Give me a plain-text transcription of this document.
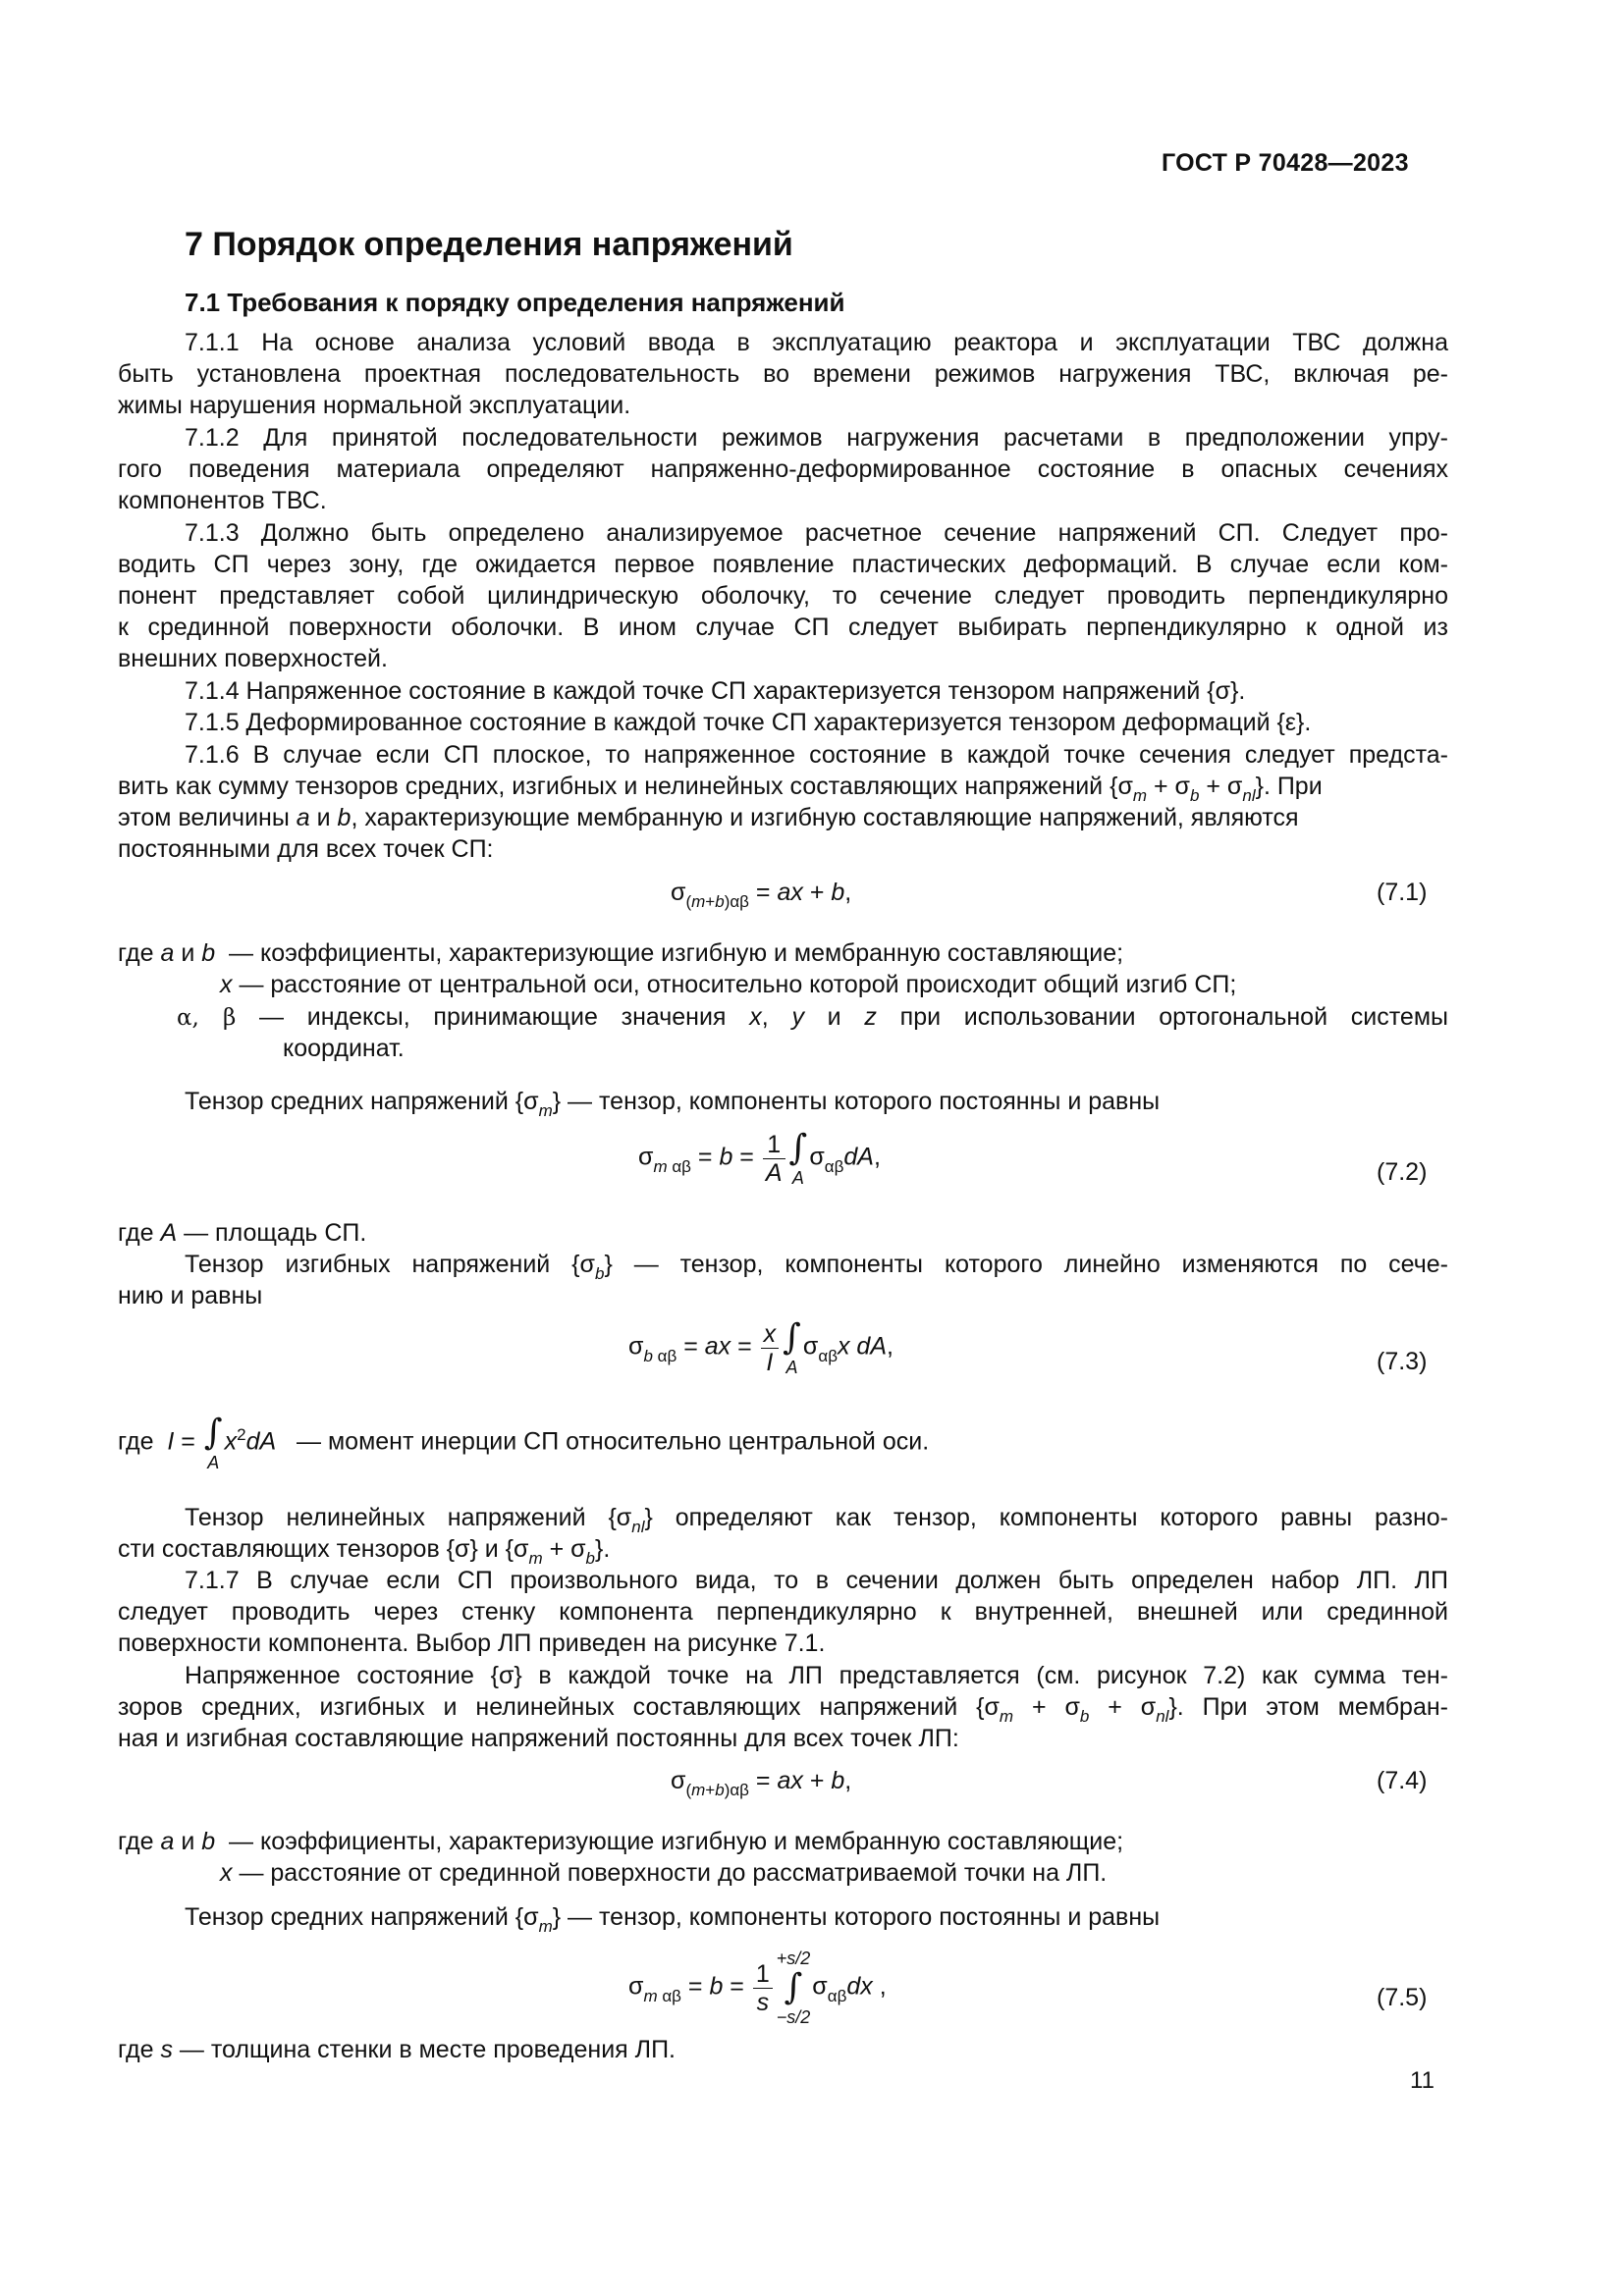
ГОСТ Р 70428—2023
7 Порядок определения напряжений
7.1 Требования к порядку определения напряжений
7.1.1 На основе анализа условий ввода в эксплуатацию реактора и эксплуатации ТВС должна
быть установлена проектная последовательность во времени режимов нагружения ТВС, включая ре-
жимы нарушения нормальной эксплуатации.
7.1.2 Для принятой последовательности режимов нагружения расчетами в предположении упру-
гого поведения материала определяют напряженно-деформированное состояние в опасных сечениях
компонентов ТВС.
7.1.3 Должно быть определено анализируемое расчетное сечение напряжений СП. Следует про-
водить СП через зону, где ожидается первое появление пластических деформаций. В случае если ком-
понент представляет собой цилиндрическую оболочку, то сечение следует проводить перпендикулярно
к срединной поверхности оболочки. В ином случае СП следует выбирать перпендикулярно к одной из
внешних поверхностей.
7.1.4 Напряженное состояние в каждой точке СП характеризуется тензором напряжений {σ}.
7.1.5 Деформированное состояние в каждой точке СП характеризуется тензором деформаций {ε}.
7.1.6 В случае если СП плоское, то напряженное состояние в каждой точке сечения следует предста-
вить как сумму тензоров средних, изгибных и нелинейных составляющих напряжений $\{\sigma_m + \sigma_b + \sigma_{nl}\}$. При
этом величины a и b, характеризующие мембранную и изгибную составляющие напряжений, являются
постоянными для всех точек СП:
$\sigma_{(m+b)\alpha\beta}$ = ax + b,	(7.1)
где a и b — коэффициенты, характеризующие изгибную и мембранную составляющие;
x — расстояние от центральной оси, относительно которой происходит общий изгиб СП;
α, β — индексы, принимающие значения x, y и z при использовании ортогональной системы
координат.
Тензор средних напряжений $\{\sigma_m\}$ — тензор, компоненты которого постоянны и равны
$\sigma_{m \alpha\beta} = b = \frac{1}{A}$ ∫
A
$\sigma_{\alpha\beta}dA$,
(7.2)
где A — площадь СП.
Тензор изгибных напряжений $\{\sigma_b\}$ — тензор, компоненты которого линейно изменяются по сече-
нию и равны
$\sigma_{b \alpha\beta}$ = ax = $\frac{x}{I}$ ∫
A
$\sigma_{\alpha\beta}x$ dA,
(7.3)
где I = ∫
A
$x^2dA$ — момент инерции СП относительно центральной оси.
Тензор нелинейных напряжений $\{\sigma_{nl}\}$ определяют как тензор, компоненты которого равны разно-
сти составляющих тензоров {σ} и $\{\sigma_m + \sigma_b\}$.
7.1.7 В случае если СП произвольного вида, то в сечении должен быть определен набор ЛП. ЛП
следует проводить через стенку компонента перпендикулярно к внутренней, внешней или срединной
поверхности компонента. Выбор ЛП приведен на рисунке 7.1.
Напряженное состояние {σ} в каждой точке на ЛП представляется (см. рисунок 7.2) как сумма тен-
зоров средних, изгибных и нелинейных составляющих напряжений $\{\sigma_m + \sigma_b + \sigma_{nl}\}$. При этом мембран-
ная и изгибная составляющие напряжений постоянны для всех точек ЛП:
$\sigma_{(m+b)\alpha\beta}$ = ax + b,	(7.4)
где a и b — коэффициенты, характеризующие изгибную и мембранную составляющие;
x — расстояние от срединной поверхности до рассматриваемой точки на ЛП.
Тензор средних напряжений $\{\sigma_m\}$ — тензор, компоненты которого постоянны и равны
$\sigma_{m \alpha\beta} = b = \frac{1}{s}$
+s/2
∫
−s/2
$\sigma_{\alpha\beta}dx$ ,	(7.5)
где s — толщина стенки в месте проведения ЛП.
11
